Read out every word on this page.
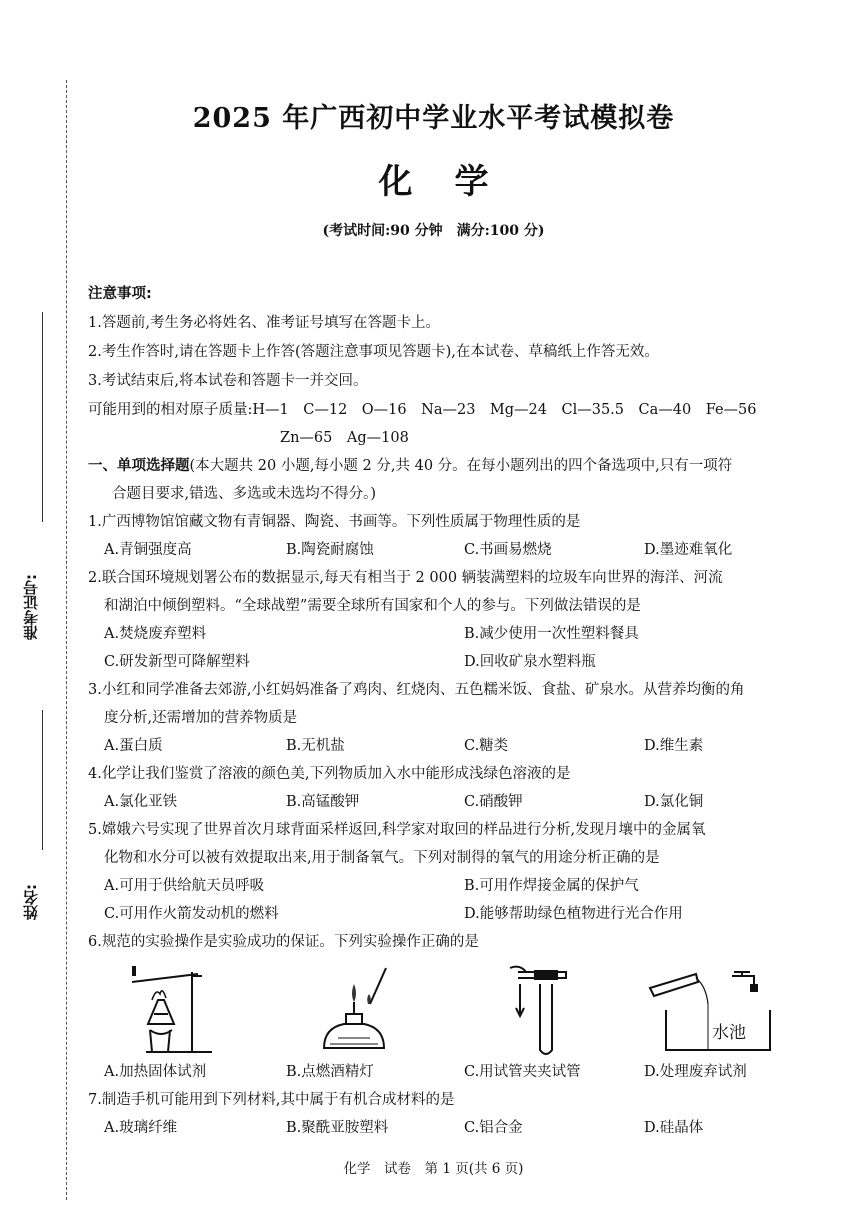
准考证号:
姓名:
2025 年广西初中学业水平考试模拟卷
化学
(考试时间:90 分钟　满分:100 分)
注意事项:
1.答题前,考生务必将姓名、准考证号填写在答题卡上。
2.考生作答时,请在答题卡上作答(答题注意事项见答题卡),在本试卷、草稿纸上作答无效。
3.考试结束后,将本试卷和答题卡一并交回。
可能用到的相对原子质量:H—1　C—12　O—16　Na—23　Mg—24　Cl—35.5　Ca—40　Fe—56
Zn—65　Ag—108
一、单项选择题(本大题共 20 小题,每小题 2 分,共 40 分。在每小题列出的四个备选项中,只有一项符
合题目要求,错选、多选或未选均不得分。)
1.广西博物馆馆藏文物有青铜器、陶瓷、书画等。下列性质属于物理性质的是
A.青铜强度高	B.陶瓷耐腐蚀	C.书画易燃烧	D.墨迹难氧化
2.联合国环境规划署公布的数据显示,每天有相当于 2 000 辆装满塑料的垃圾车向世界的海洋、河流
和湖泊中倾倒塑料。“全球战塑”需要全球所有国家和个人的参与。下列做法错误的是
A.焚烧废弃塑料	B.减少使用一次性塑料餐具
C.研发新型可降解塑料	D.回收矿泉水塑料瓶
3.小红和同学准备去郊游,小红妈妈准备了鸡肉、红烧肉、五色糯米饭、食盐、矿泉水。从营养均衡的角
度分析,还需增加的营养物质是
A.蛋白质	B.无机盐	C.糖类	D.维生素
4.化学让我们鉴赏了溶液的颜色美,下列物质加入水中能形成浅绿色溶液的是
A.氯化亚铁	B.高锰酸钾	C.硝酸钾	D.氯化铜
5.嫦娥六号实现了世界首次月球背面采样返回,科学家对取回的样品进行分析,发现月壤中的金属氧
化物和水分可以被有效提取出来,用于制备氧气。下列对制得的氧气的用途分析正确的是
A.可用于供给航天员呼吸	B.可用作焊接金属的保护气
C.可用作火箭发动机的燃料	D.能够帮助绿色植物进行光合作用
6.规范的实验操作是实验成功的保证。下列实验操作正确的是
A.加热固体试剂	B.点燃酒精灯	C.用试管夹夹试管	D.处理废弃试剂
7.制造手机可能用到下列材料,其中属于有机合成材料的是
A.玻璃纤维	B.聚酰亚胺塑料	C.铝合金	D.硅晶体
水池
化学　试卷　第 1 页(共 6 页)
